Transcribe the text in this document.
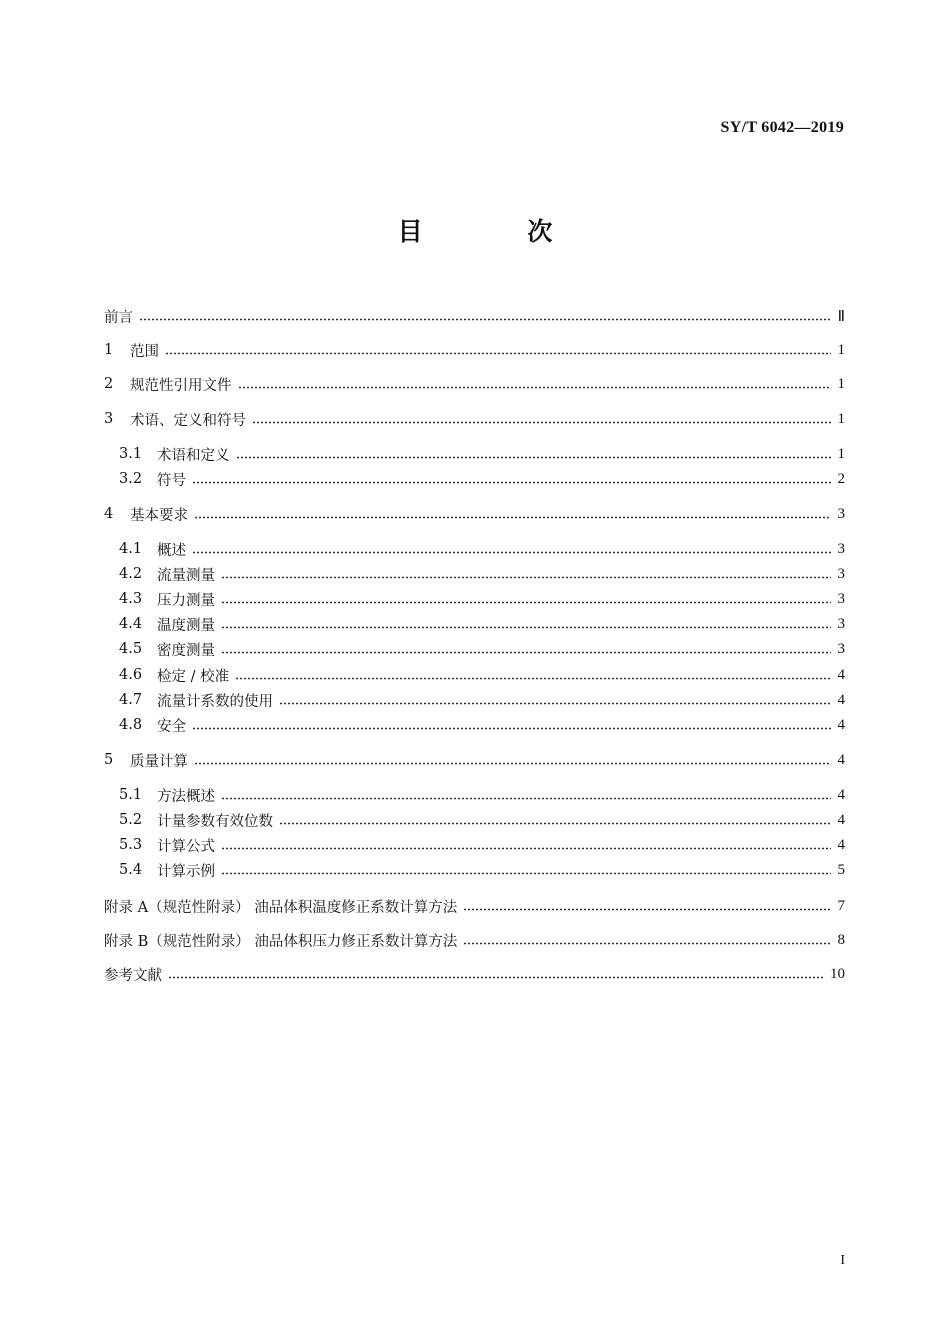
SY/T 6042—2019
目 次
前言	Ⅱ
1	范围	1
2	规范性引用文件	1
3	术语、定义和符号	1
3.1	术语和定义	1
3.2	符号	2
4	基本要求	3
4.1	概述	3
4.2	流量测量	3
4.3	压力测量	3
4.4	温度测量	3
4.5	密度测量	3
4.6	检定 / 校准	4
4.7	流量计系数的使用	4
4.8	安全	4
5	质量计算	4
5.1	方法概述	4
5.2	计量参数有效位数	4
5.3	计算公式	4
5.4	计算示例	5
附录 A（规范性附录） 油品体积温度修正系数计算方法	7
附录 B（规范性附录） 油品体积压力修正系数计算方法	8
参考文献	10
I
